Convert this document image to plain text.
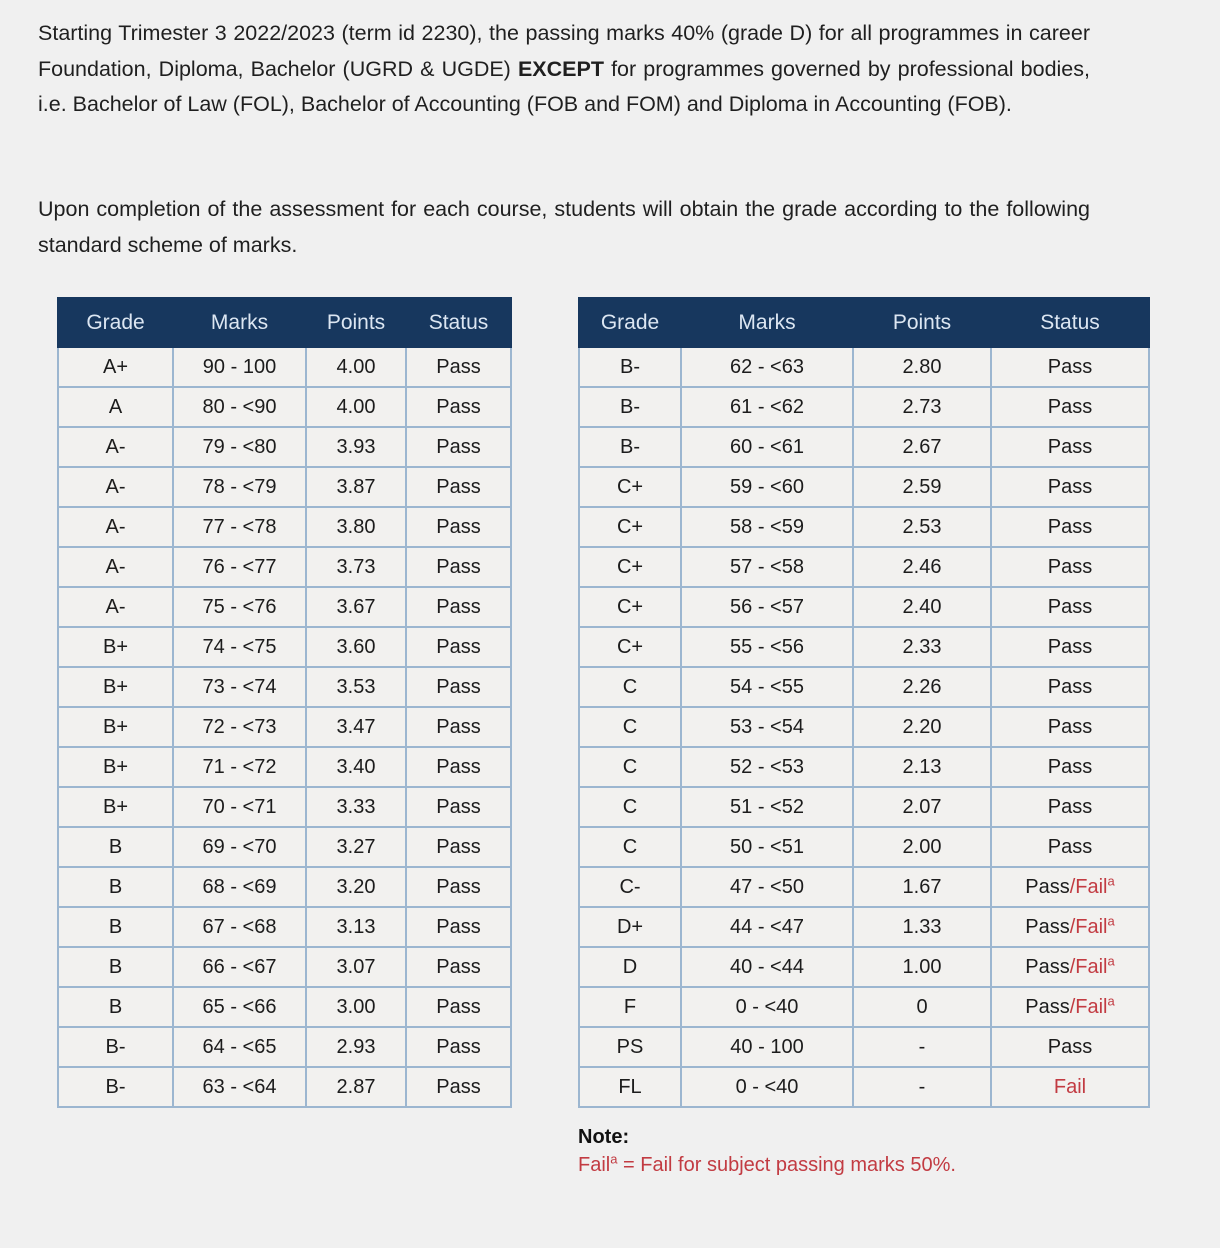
Starting Trimester 3 2022/2023 (term id 2230), the passing marks 40% (grade D) for all programmes in career Foundation, Diploma, Bachelor (UGRD & UGDE) EXCEPT for programmes governed by professional bodies, i.e. Bachelor of Law (FOL), Bachelor of Accounting (FOB and FOM) and Diploma in Accounting (FOB).

Upon completion of the assessment for each course, students will obtain the grade according to the following standard scheme of marks.

Grade	Marks	Points	Status
A+	90 - 100	4.00	Pass
A	80 - <90	4.00	Pass
A-	79 - <80	3.93	Pass
A-	78 - <79	3.87	Pass
A-	77 - <78	3.80	Pass
A-	76 - <77	3.73	Pass
A-	75 - <76	3.67	Pass
B+	74 - <75	3.60	Pass
B+	73 - <74	3.53	Pass
B+	72 - <73	3.47	Pass
B+	71 - <72	3.40	Pass
B+	70 - <71	3.33	Pass
B	69 - <70	3.27	Pass
B	68 - <69	3.20	Pass
B	67 - <68	3.13	Pass
B	66 - <67	3.07	Pass
B	65 - <66	3.00	Pass
B-	64 - <65	2.93	Pass
B-	63 - <64	2.87	Pass
Grade	Marks	Points	Status
B-	62 - <63	2.80	Pass
B-	61 - <62	2.73	Pass
B-	60 - <61	2.67	Pass
C+	59 - <60	2.59	Pass
C+	58 - <59	2.53	Pass
C+	57 - <58	2.46	Pass
C+	56 - <57	2.40	Pass
C+	55 - <56	2.33	Pass
C	54 - <55	2.26	Pass
C	53 - <54	2.20	Pass
C	52 - <53	2.13	Pass
C	51 - <52	2.07	Pass
C	50 - <51	2.00	Pass
C-	47 - <50	1.67	Pass/Fail$^a$
D+	44 - <47	1.33	Pass/Fail$^a$
D	40 - <44	1.00	Pass/Fail$^a$
F	0 - <40	0	Pass/Fail$^a$
PS	40 - 100	-	Pass
FL	0 - <40	-	Fail
Note:
Fail$^a$ = Fail for subject passing marks 50%.
